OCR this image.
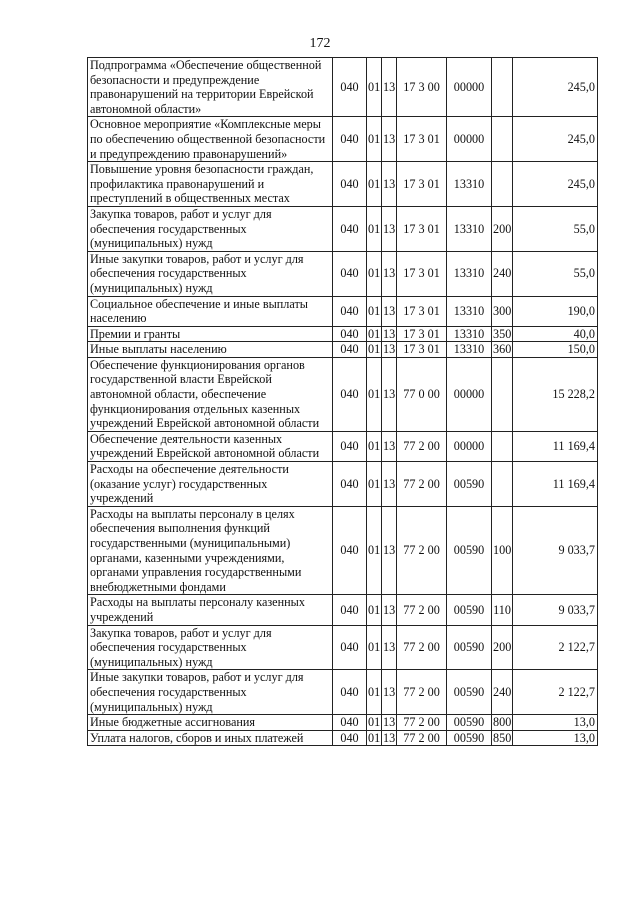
172
Подпрограмма «Обеспечение общественной безопасности и предупреждение правонарушений на территории Еврейской автономной области»	040	01	13	17 3 00	00000		245,0
Основное мероприятие «Комплексные меры по обеспечению общественной безопасности и предупреждению правонарушений»	040	01	13	17 3 01	00000		245,0
Повышение уровня безопасности граждан, профилактика правонарушений и преступлений в общественных местах	040	01	13	17 3 01	13310		245,0
Закупка товаров, работ и услуг для обеспечения государственных (муниципальных) нужд	040	01	13	17 3 01	13310	200	55,0
Иные закупки товаров, работ и услуг для обеспечения государственных (муниципальных) нужд	040	01	13	17 3 01	13310	240	55,0
Социальное обеспечение и иные выплаты населению	040	01	13	17 3 01	13310	300	190,0
Премии и гранты	040	01	13	17 3 01	13310	350	40,0
Иные выплаты населению	040	01	13	17 3 01	13310	360	150,0
Обеспечение функционирования органов государственной власти Еврейской автономной области, обеспечение функционирования отдельных казенных учреждений Еврейской автономной области	040	01	13	77 0 00	00000		15 228,2
Обеспечение деятельности казенных учреждений Еврейской автономной области	040	01	13	77 2 00	00000		11 169,4
Расходы на обеспечение деятельности (оказание услуг) государственных учреждений	040	01	13	77 2 00	00590		11 169,4
Расходы на выплаты персоналу в целях обеспечения выполнения функций государственными (муниципальными) органами, казенными учреждениями, органами управления государственными внебюджетными фондами	040	01	13	77 2 00	00590	100	9 033,7
Расходы на выплаты персоналу казенных учреждений	040	01	13	77 2 00	00590	110	9 033,7
Закупка товаров, работ и услуг для обеспечения государственных (муниципальных) нужд	040	01	13	77 2 00	00590	200	2 122,7
Иные закупки товаров, работ и услуг для обеспечения государственных (муниципальных) нужд	040	01	13	77 2 00	00590	240	2 122,7
Иные бюджетные ассигнования	040	01	13	77 2 00	00590	800	13,0
Уплата налогов, сборов и иных платежей	040	01	13	77 2 00	00590	850	13,0
